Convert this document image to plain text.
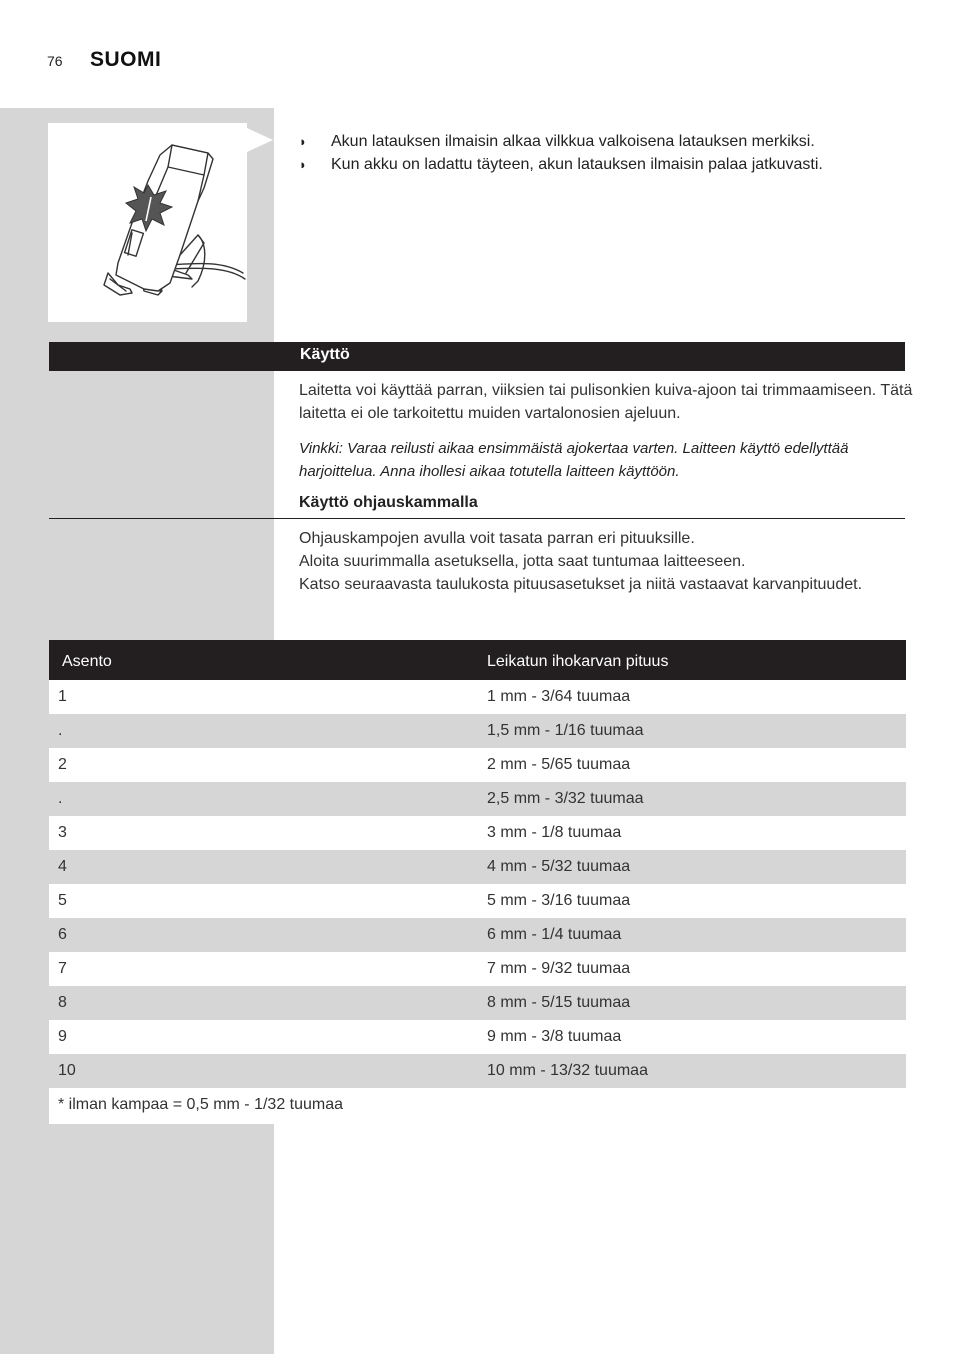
76 SUOMI
◗	Akun latauksen ilmaisin alkaa vilkkua valkoisena latauksen merkiksi.
◗	Kun akku on ladattu täyteen, akun latauksen ilmaisin palaa jatkuvasti.
Käyttö
Laitetta voi käyttää parran, viiksien tai pulisonkien kuiva-ajoon tai trimmaamiseen. Tätä laitetta ei ole tarkoitettu muiden vartalonosien ajeluun.
Vinkki: Varaa reilusti aikaa ensimmäistä ajokertaa varten. Laitteen käyttö edellyttää harjoittelua. Anna ihollesi aikaa totutella laitteen käyttöön.
Käyttö ohjauskammalla
Ohjauskampojen avulla voit tasata parran eri pituuksille.
Aloita suurimmalla asetuksella, jotta saat tuntumaa laitteeseen.
Katso seuraavasta taulukosta pituusasetukset ja niitä vastaavat karvanpituudet.
Asento	Leikatun ihokarvan pituus
1	1 mm - 3/64 tuumaa
.	1,5 mm - 1/16 tuumaa
2	2 mm - 5/65 tuumaa
.	2,5 mm - 3/32 tuumaa
3	3 mm - 1/8 tuumaa
4	4 mm - 5/32 tuumaa
5	5 mm - 3/16 tuumaa
6	6 mm - 1/4 tuumaa
7	7 mm - 9/32 tuumaa
8	8 mm - 5/15 tuumaa
9	9 mm - 3/8 tuumaa
10	10 mm - 13/32 tuumaa
* ilman kampaa = 0,5 mm - 1/32 tuumaa
